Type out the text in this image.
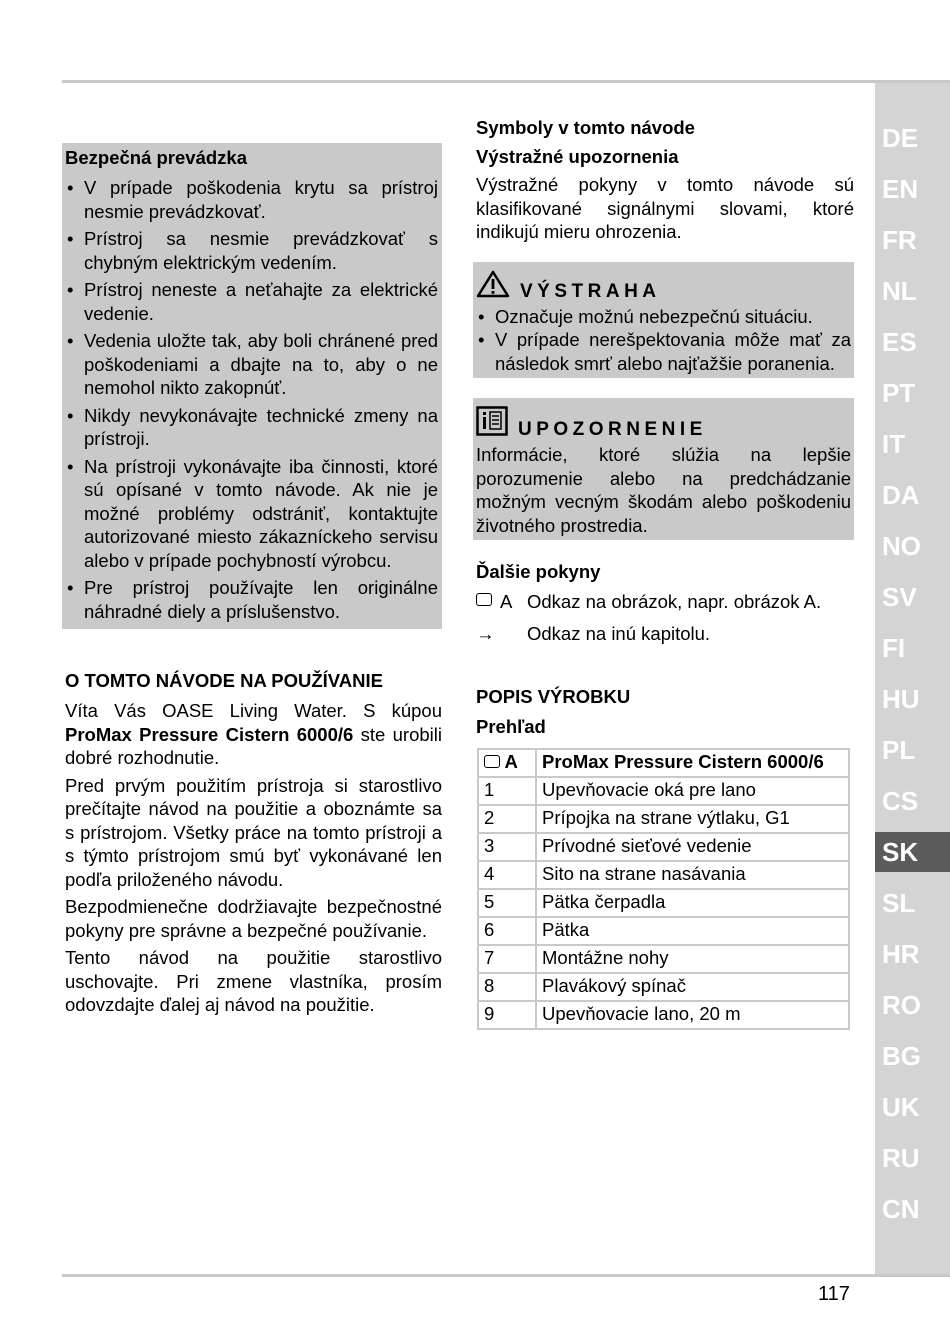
Bezpečná prevádzka
• V prípade poškodenia krytu sa prístroj nesmie prevádzkovať.
• Prístroj sa nesmie prevádzkovať s chybným elektrickým vedením.
• Prístroj neneste a neťahajte za elektrické vedenie.
• Vedenia uložte tak, aby boli chránené pred poškodeniami a dbajte na to, aby o ne nemohol nikto zakopnúť.
• Nikdy nevykonávajte technické zmeny na prístroji.
• Na prístroji vykonávajte iba činnosti, ktoré sú opísané v tomto návode. Ak nie je možné problémy odstrániť, kontaktujte autorizované miesto zákazníckeho servisu alebo v prípade pochybností výrobcu.
• Pre prístroj používajte len originálne náhradné diely a príslušenstvo.
O TOMTO NÁVODE NA POUŽÍVANIE

Víta Vás OASE Living Water. S kúpou ProMax Pressure Cistern 6000/6 ste urobili dobré rozhodnutie.

Pred prvým použitím prístroja si starostlivo prečítajte návod na použitie a oboznámte sa s prístrojom. Všetky práce na tomto prístroji a s týmto prístrojom smú byť vykonávané len podľa priloženého návodu.

Bezpodmienečne dodržiavajte bezpečnostné pokyny pre správne a bezpečné používanie.

Tento návod na použitie starostlivo uschovajte. Pri zmene vlastníka, prosím odovzdajte ďalej aj návod na použitie.

Symboly v tomto návode
Výstražné upozornenia

Výstražné pokyny v tomto návode sú klasifikované signálnymi slovami, ktoré indikujú mieru ohrozenia.

VÝSTRAHA
• Označuje možnú nebezpečnú situáciu.
• V prípade nerešpektovania môže mať za následok smrť alebo najťažšie poranenia.
UPOZORNENIE

Informácie, ktoré slúžia na lepšie porozumenie alebo na predchádzanie možným vecným škodám alebo poškodeniu životného prostredia.

Ďalšie pokyny
A Odkaz na obrázok, napr. obrázok A.
→ Odkaz na inú kapitolu.
POPIS VÝROBKU
Prehľad
A	ProMax Pressure Cistern 6000/6
1	Upevňovacie oká pre lano
2	Prípojka na strane výtlaku, G1
3	Prívodné sieťové vedenie
4	Sito na strane nasávania
5	Pätka čerpadla
6	Pätka
7	Montážne nohy
8	Plavákový spínač
9	Upevňovacie lano, 20 m
DE
EN
FR
NL
ES
PT
IT
DA
NO
SV
FI
HU
PL
CS
SK
SL
HR
RO
BG
UK
RU
CN
117
